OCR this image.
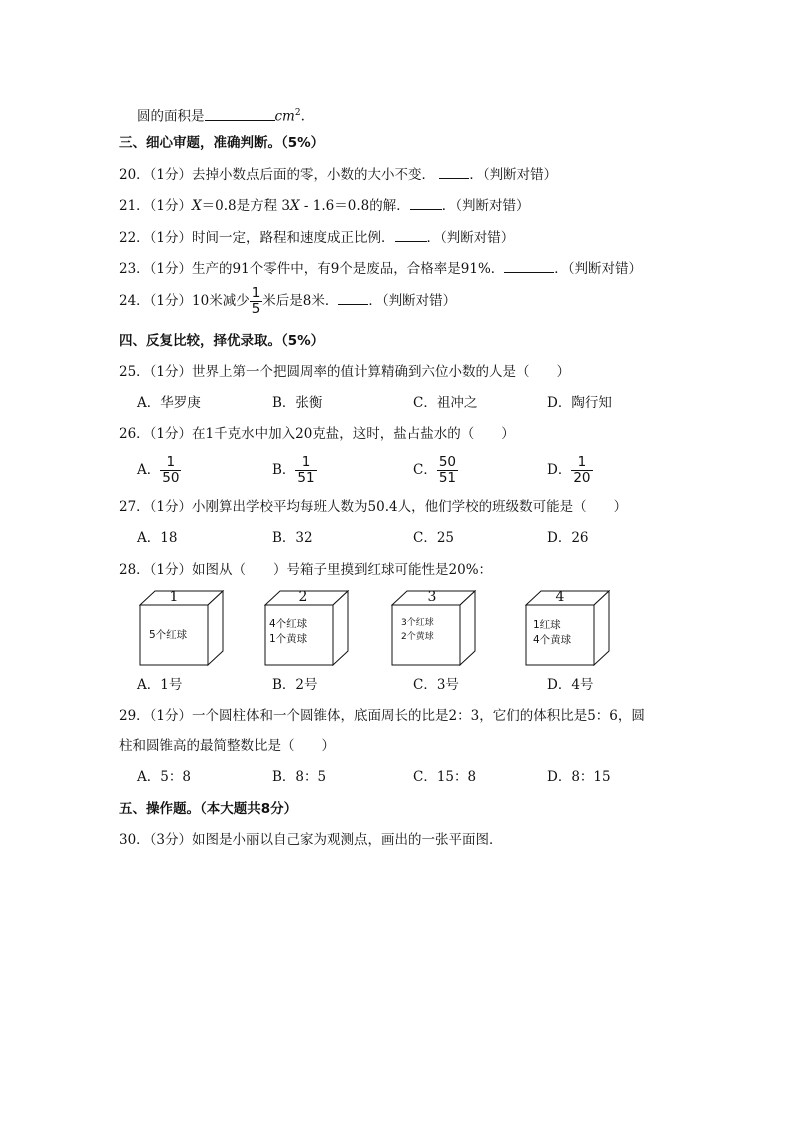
圆的面积是	$cm^2$.
三、细心审题，准确判断。（5%）
20．（1分）去掉小数点后面的零，小数的大小不变．	．（判断对错）
21．（1分）X＝0.8是方程 3X - 1.6＝0.8的解． ．（判断对错）
22．（1分）时间一定，路程和速度成正比例． ．（判断对错）
23．（1分）生产的91个零件中，有9个是废品，合格率是91%．	．（判断对错）
24．（1分）10米减少 $\frac{1}{5}$ 米后是8米． ．（判断对错）
四、反复比较，择优录取。（5%）
25．（1分）世界上第一个把圆周率的值计算精确到六位小数的人是（　　）
A．华罗庚	B．张衡	C．祖冲之	D．陶行知
26．（1分）在1千克水中加入20克盐，这时，盐占盐水的（　　）
A． $\frac{1}{50}$	B． $\frac{1}{51}$	C． $\frac{50}{51}$	D． $\frac{1}{20}$
27．（1分）小刚算出学校平均每班人数为50.4人，他们学校的班级数可能是（　　）
A．18	B．32	C．25	D．26
28．（1分）如图从（　　）号箱子里摸到红球可能性是20%：
1
5个红球
2
4个红球
1个黄球
3
3个红球
2个黄球
4
1红球
4个黄球
A．1号	B．2号	C．3号	D．4号
29．（1分）一个圆柱体和一个圆锥体，底面周长的比是2：3，它们的体积比是5：6，圆
柱和圆锥高的最简整数比是（　　）
A．5：8	B．8：5	C．15：8	D．8：15
五、操作题。（本大题共8分）
30．（3分）如图是小丽以自己家为观测点，画出的一张平面图．
